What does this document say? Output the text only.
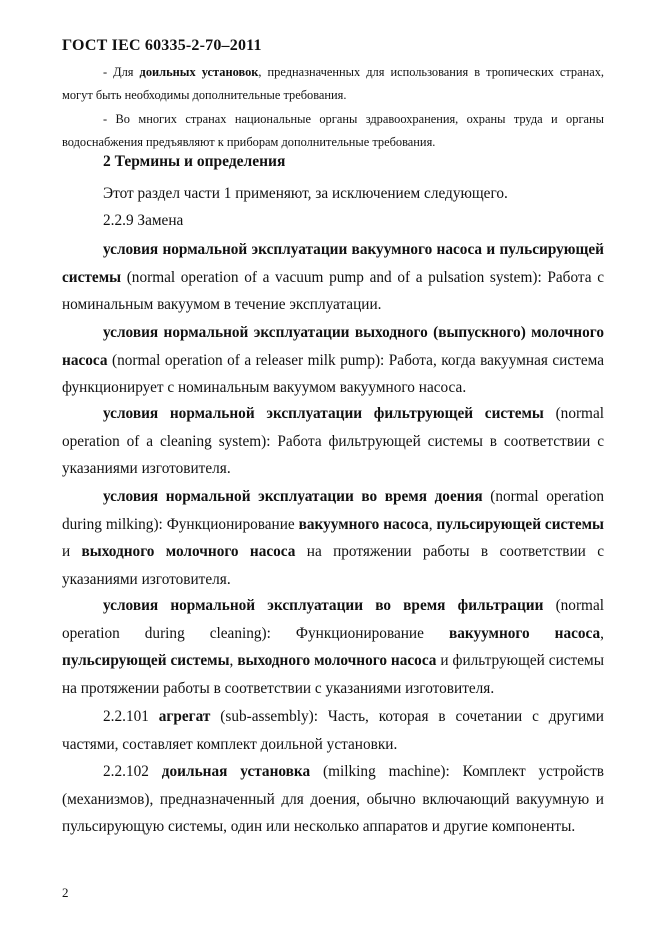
ГОСТ IEC 60335-2-70–2011
- Для доильных установок, предназначенных для использования в тропических странах, могут быть необходимы дополнительные требования.
- Во многих странах национальные органы здравоохранения, охраны труда и органы водоснабжения предъявляют к приборам дополнительные требования.
2 Термины и определения

Этот раздел части 1 применяют, за исключением следующего.

2.2.9 Замена

условия нормальной эксплуатации вакуумного насоса и пульсирующей системы (normal operation of a vacuum pump and of a pulsation system): Работа с номинальным вакуумом в течение эксплуатации.

условия нормальной эксплуатации выходного (выпускного) молочного насоса (normal operation of a releaser milk pump): Работа, когда вакуумная система функционирует с номинальным вакуумом вакуумного насоса.

условия нормальной эксплуатации фильтрующей системы (normal operation of a cleaning system): Работа фильтрующей системы в соответствии с указаниями изготовителя.

условия нормальной эксплуатации во время доения (normal operation during milking): Функционирование вакуумного насоса, пульсирующей системы и выходного молочного насоса на протяжении работы в соответствии с указаниями изготовителя.

условия нормальной эксплуатации во время фильтрации (normal operation during cleaning): Функционирование вакуумного насоса, пульсирующей системы, выходного молочного насоса и фильтрующей системы на протяжении работы в соответствии с указаниями изготовителя.

2.2.101 агрегат (sub-assembly): Часть, которая в сочетании с другими частями, составляет комплект доильной установки.

2.2.102 доильная установка (milking machine): Комплект устройств (механизмов), предназначенный для доения, обычно включающий вакуумную и пульсирующую системы, один или несколько аппаратов и другие компоненты.

2
